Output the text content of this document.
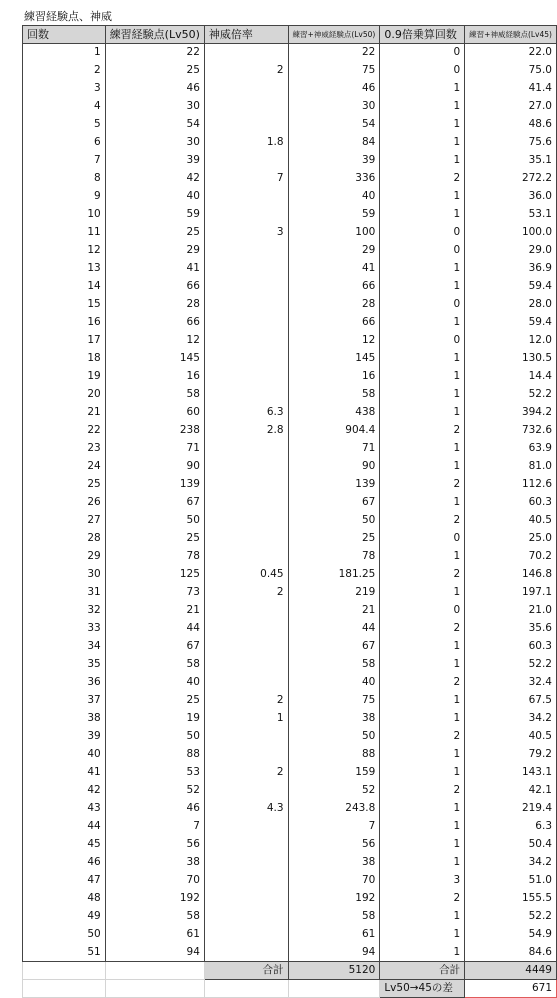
練習経験点、神威
回数	練習経験点(Lv50)	神威倍率	練習+神威経験点(Lv50)	0.9倍乗算回数	練習+神威経験点(Lv45)
1	22		22	0	22.0
2	25	2	75	0	75.0
3	46		46	1	41.4
4	30		30	1	27.0
5	54		54	1	48.6
6	30	1.8	84	1	75.6
7	39		39	1	35.1
8	42	7	336	2	272.2
9	40		40	1	36.0
10	59		59	1	53.1
11	25	3	100	0	100.0
12	29		29	0	29.0
13	41		41	1	36.9
14	66		66	1	59.4
15	28		28	0	28.0
16	66		66	1	59.4
17	12		12	0	12.0
18	145		145	1	130.5
19	16		16	1	14.4
20	58		58	1	52.2
21	60	6.3	438	1	394.2
22	238	2.8	904.4	2	732.6
23	71		71	1	63.9
24	90		90	1	81.0
25	139		139	2	112.6
26	67		67	1	60.3
27	50		50	2	40.5
28	25		25	0	25.0
29	78		78	1	70.2
30	125	0.45	181.25	2	146.8
31	73	2	219	1	197.1
32	21		21	0	21.0
33	44		44	2	35.6
34	67		67	1	60.3
35	58		58	1	52.2
36	40		40	2	32.4
37	25	2	75	1	67.5
38	19	1	38	1	34.2
39	50		50	2	40.5
40	88		88	1	79.2
41	53	2	159	1	143.1
42	52		52	2	42.1
43	46	4.3	243.8	1	219.4
44	7		7	1	6.3
45	56		56	1	50.4
46	38		38	1	34.2
47	70		70	3	51.0
48	192		192	2	155.5
49	58		58	1	52.2
50	61		61	1	54.9
51	94		94	1	84.6
		合計	5120	合計	4449
				Lv50→45の差	671
